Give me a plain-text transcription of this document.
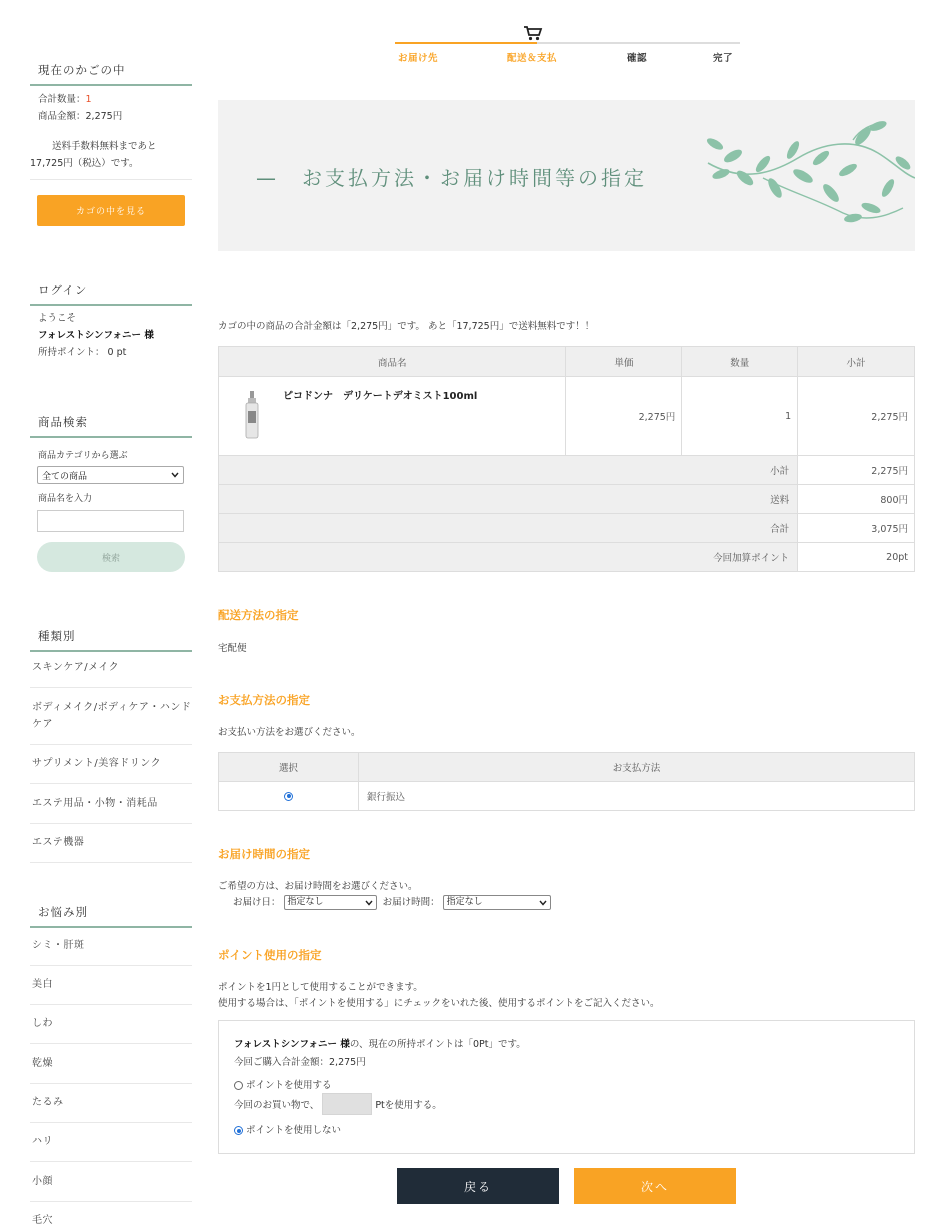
現在のかごの中
合計数量：1
商品金額：2,275円
送料手数料無料まであと
17,725円（税込）です。
カゴの中を見る
ログイン
ようこそ
フォレストシンフォニー 様
所持ポイント： 0 pt
商品検索
商品カテゴリから選ぶ
全ての商品
商品名を入力
検索
種類別
スキンケア/メイク
ボディメイク/ボディケア・ハンドケア
サプリメント/美容ドリンク
エステ用品・小物・消耗品
エステ機器
お悩み別
シミ・肝斑
美白
しわ
乾燥
たるみ
ハリ
小顔
毛穴
お届け先	配送＆支払	確認	完了
—　お支払方法・お届け時間等の指定
カゴの中の商品の合計金額は「2,275円」です。 あと「17,725円」で送料無料です！！
商品名	単価	数量	小計

ピコドンナ　デリケートデオミスト100ml	2,275円	1	2,275円
小計			2,275円
送料			800円
合計			3,075円
今回加算ポイント			20pt
配送方法の指定
宅配便
お支払方法の指定
お支払い方法をお選びください。
選択	お支払方法
	銀行振込
お届け時間の指定
ご希望の方は、お届け時間をお選びください。
お届け日： 指定なし	お届け時間： 指定なし
ポイント使用の指定
ポイントを1円として使用することができます。
使用する場合は、「ポイントを使用する」にチェックをいれた後、使用するポイントをご記入ください。
フォレストシンフォニー 様の、現在の所持ポイントは「0Pt」です。
今回ご購入合計金額：2,275円
ポイントを使用する
今回のお買い物で、	Ptを使用する。
ポイントを使用しない
戻る	次へ
